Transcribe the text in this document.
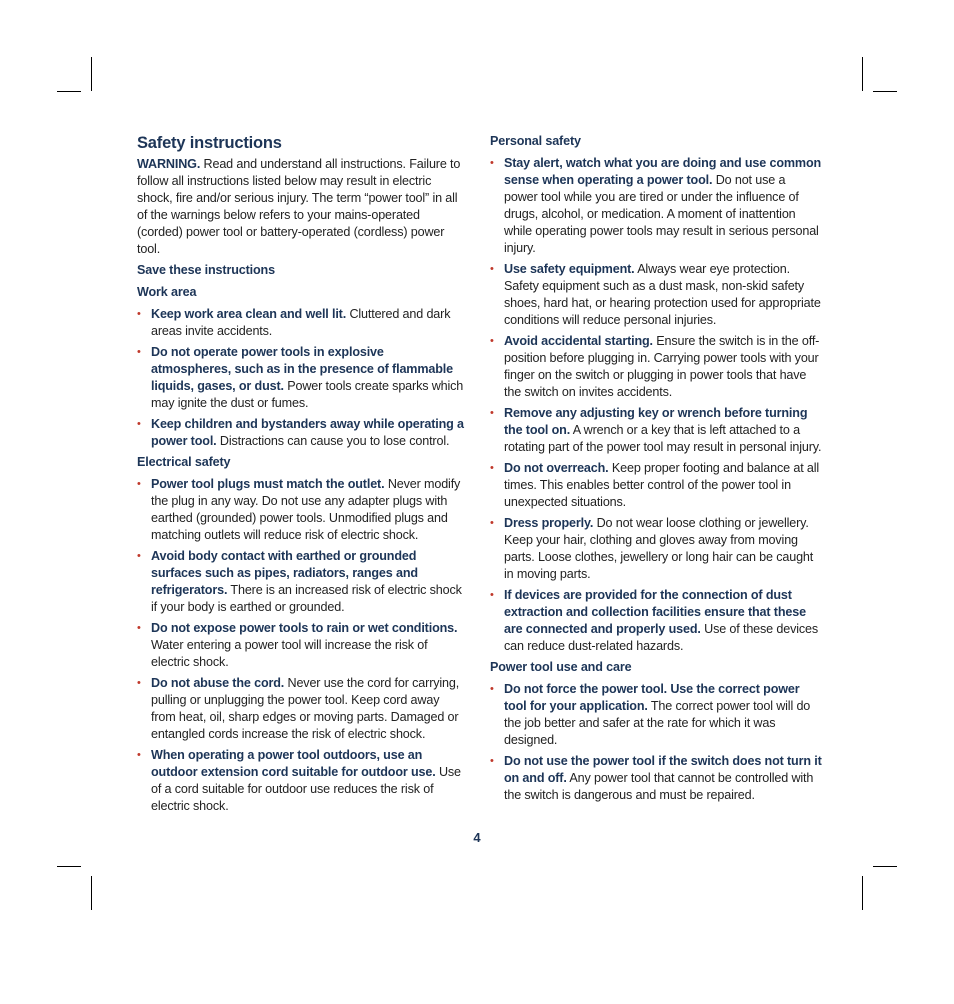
Safety instructions

WARNING. Read and understand all instructions. Failure to follow all instructions listed below may result in electric shock, fire and/or serious injury. The term “power tool” in all of the warnings below refers to your mains-operated (corded) power tool or battery-operated (cordless) power tool.

Save these instructions
Work area
• Keep work area clean and well lit. Cluttered and dark areas invite accidents.
• Do not operate power tools in explosive atmospheres, such as in the presence of flammable liquids, gases, or dust. Power tools create sparks which may ignite the dust or fumes.
• Keep children and bystanders away while operating a power tool. Distractions can cause you to lose control.
Electrical safety
• Power tool plugs must match the outlet. Never modify the plug in any way. Do not use any adapter plugs with earthed (grounded) power tools. Unmodified plugs and matching outlets will reduce risk of electric shock.
• Avoid body contact with earthed or grounded surfaces such as pipes, radiators, ranges and refrigerators. There is an increased risk of electric shock if your body is earthed or grounded.
• Do not expose power tools to rain or wet conditions. Water entering a power tool will increase the risk of electric shock.
• Do not abuse the cord. Never use the cord for carrying, pulling or unplugging the power tool. Keep cord away from heat, oil, sharp edges or moving parts. Damaged or entangled cords increase the risk of electric shock.
• When operating a power tool outdoors, use an outdoor extension cord suitable for outdoor use. Use of a cord suitable for outdoor use reduces the risk of electric shock.
Personal safety
• Stay alert, watch what you are doing and use common sense when operating a power tool. Do not use a power tool while you are tired or under the influence of drugs, alcohol, or medication. A moment of inattention while operating power tools may result in serious personal injury.
• Use safety equipment. Always wear eye protection. Safety equipment such as a dust mask, non-skid safety shoes, hard hat, or hearing protection used for appropriate conditions will reduce personal injuries.
• Avoid accidental starting. Ensure the switch is in the off-position before plugging in. Carrying power tools with your finger on the switch or plugging in power tools that have the switch on invites accidents.
• Remove any adjusting key or wrench before turning the tool on. A wrench or a key that is left attached to a rotating part of the power tool may result in personal injury.
• Do not overreach. Keep proper footing and balance at all times. This enables better control of the power tool in unexpected situations.
• Dress properly. Do not wear loose clothing or jewellery. Keep your hair, clothing and gloves away from moving parts. Loose clothes, jewellery or long hair can be caught in moving parts.
• If devices are provided for the connection of dust extraction and collection facilities ensure that these are connected and properly used. Use of these devices can reduce dust-related hazards.
Power tool use and care
• Do not force the power tool. Use the correct power tool for your application. The correct power tool will do the job better and safer at the rate for which it was designed.
• Do not use the power tool if the switch does not turn it on and off. Any power tool that cannot be controlled with the switch is dangerous and must be repaired.
4
